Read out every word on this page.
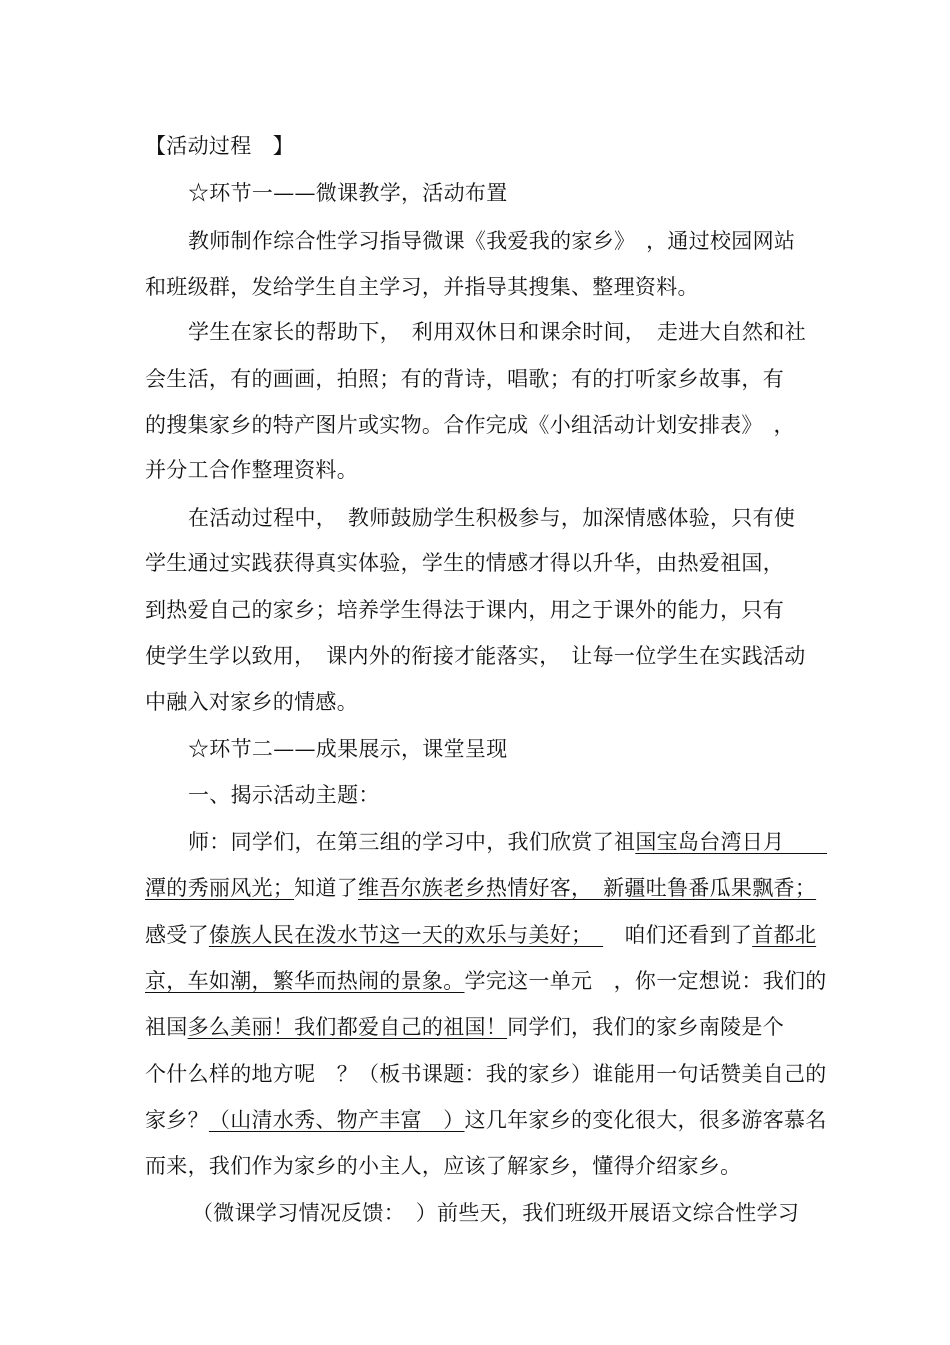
【活动过程　】
☆环节一——微课教学，活动布置
教师制作综合性学习指导微课《我爱我的家乡》　，通过校园网站
和班级群，发给学生自主学习，并指导其搜集、整理资料。
学生在家长的帮助下，　利用双休日和课余时间，　走进大自然和社
会生活，有的画画，拍照；有的背诗，唱歌；有的打听家乡故事，有
的搜集家乡的特产图片或实物。合作完成《小组活动计划安排表》　，
并分工合作整理资料。
在活动过程中，　教师鼓励学生积极参与，加深情感体验，只有使
学生通过实践获得真实体验，学生的情感才得以升华，由热爱祖国，
到热爱自己的家乡；培养学生得法于课内，用之于课外的能力，只有
使学生学以致用，　课内外的衔接才能落实，　让每一位学生在实践活动
中融入对家乡的情感。
☆环节二——成果展示，课堂呈现
一、揭示活动主题：
师：同学们，在第三组的学习中，我们欣赏了祖国宝岛台湾日月　　
潭的秀丽风光；知道了维吾尔族老乡热情好客，　新疆吐鲁番瓜果飘香；
感受了傣族人民在泼水节这一天的欢乐与美好；　　咱们还看到了首都北
京，车如潮，繁华而热闹的景象。学完这一单元　，你一定想说：我们的
祖国多么美丽！我们都爱自己的祖国！同学们，我们的家乡南陵是个
个什么样的地方呢　？（板书课题：我的家乡）谁能用一句话赞美自己的
家乡？（山清水秀、物产丰富　）这几年家乡的变化很大，很多游客慕名
而来，我们作为家乡的小主人，应该了解家乡，懂得介绍家乡。
（微课学习情况反馈：　）前些天，我们班级开展语文综合性学习
